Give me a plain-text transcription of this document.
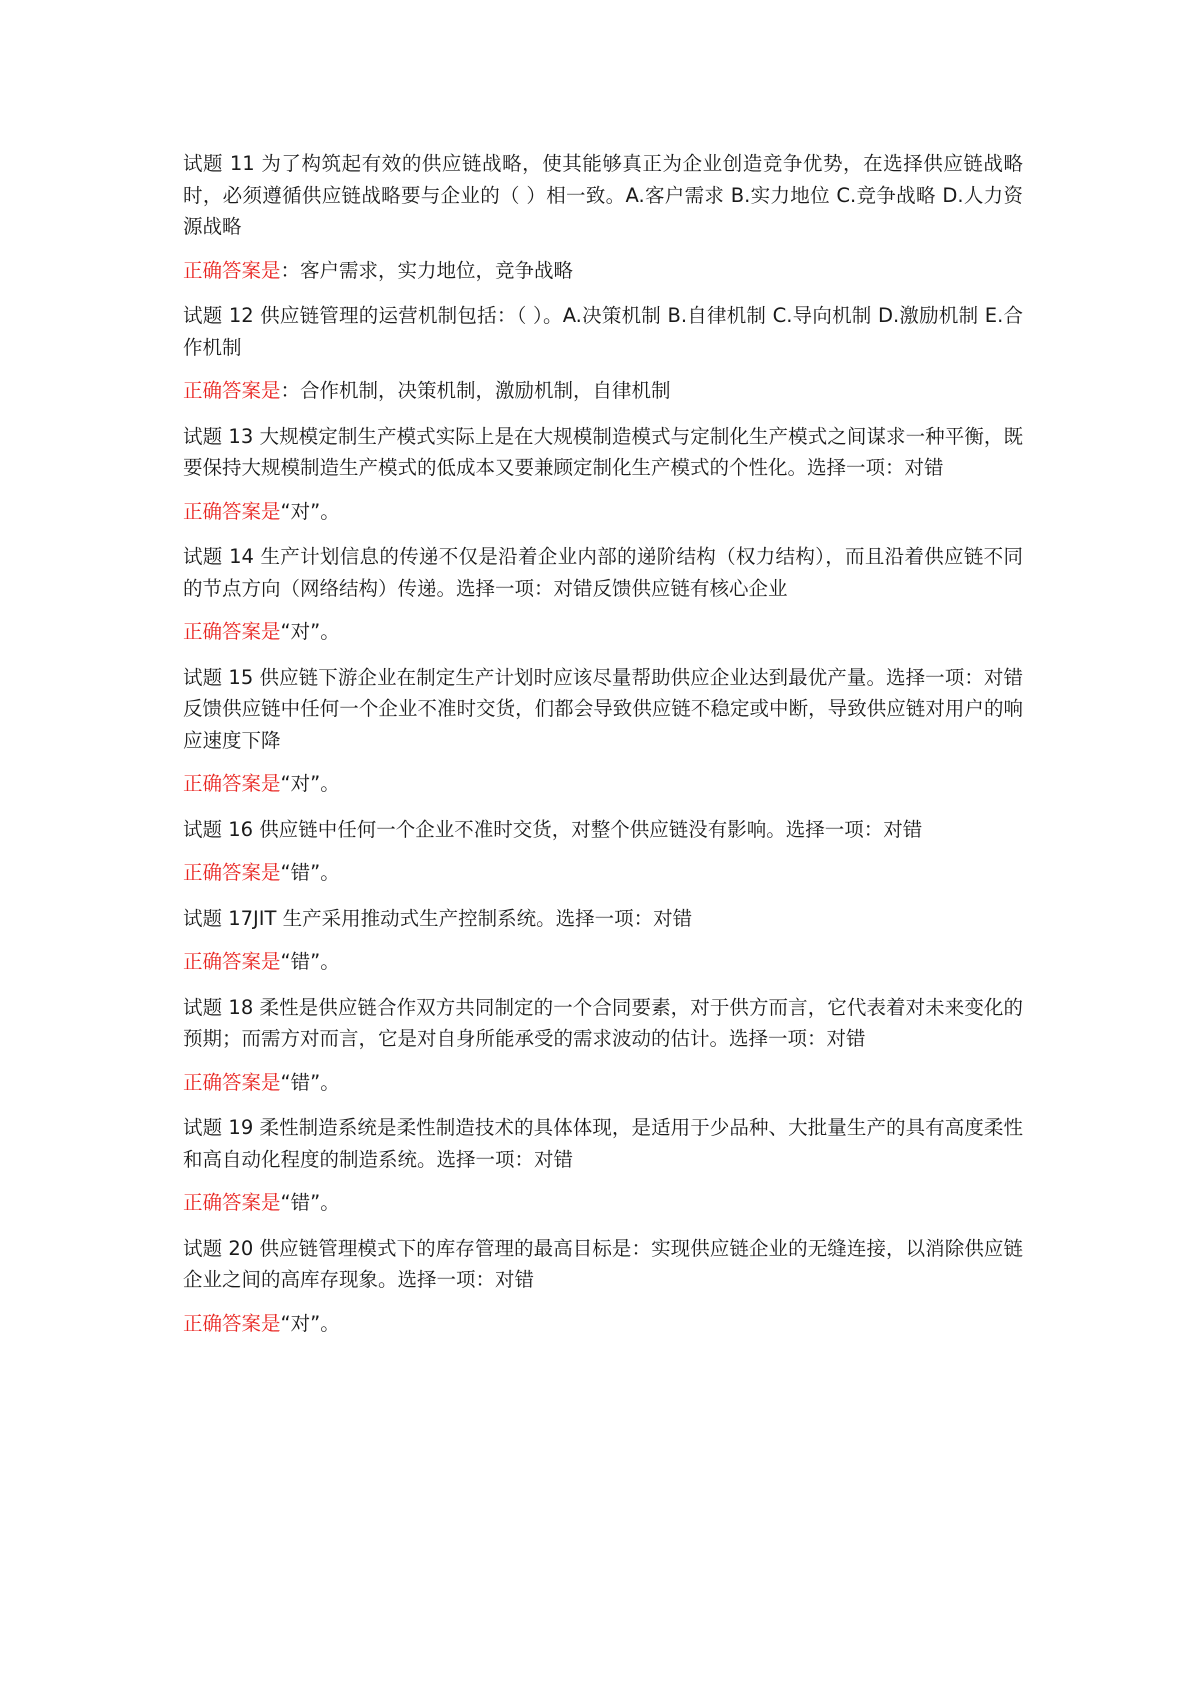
试题 11 为了构筑起有效的供应链战略，使其能够真正为企业创造竞争优势，在选择供应链战略时，必须遵循供应链战略要与企业的（ ）相一致。A.客户需求 B.实力地位 C.竞争战略 D.人力资源战略

正确答案是：客户需求，实力地位，竞争战略

试题 12 供应链管理的运营机制包括：（ ）。A.决策机制 B.自律机制 C.导向机制 D.激励机制 E.合作机制

正确答案是：合作机制，决策机制，激励机制，自律机制

试题 13 大规模定制生产模式实际上是在大规模制造模式与定制化生产模式之间谋求一种平衡，既要保持大规模制造生产模式的低成本又要兼顾定制化生产模式的个性化。选择一项：对错

正确答案是“对”。

试题 14 生产计划信息的传递不仅是沿着企业内部的递阶结构（权力结构），而且沿着供应链不同的节点方向（网络结构）传递。选择一项：对错反馈供应链有核心企业

正确答案是“对”。

试题 15 供应链下游企业在制定生产计划时应该尽量帮助供应企业达到最优产量。选择一项：对错反馈供应链中任何一个企业不准时交货，们都会导致供应链不稳定或中断，导致供应链对用户的响应速度下降

正确答案是“对”。

试题 16 供应链中任何一个企业不准时交货，对整个供应链没有影响。选择一项：对错

正确答案是“错”。

试题 17JIT 生产采用推动式生产控制系统。选择一项：对错

正确答案是“错”。

试题 18 柔性是供应链合作双方共同制定的一个合同要素，对于供方而言，它代表着对未来变化的预期；而需方对而言，它是对自身所能承受的需求波动的估计。选择一项：对错

正确答案是“错”。

试题 19 柔性制造系统是柔性制造技术的具体体现，是适用于少品种、大批量生产的具有高度柔性和高自动化程度的制造系统。选择一项：对错

正确答案是“错”。

试题 20 供应链管理模式下的库存管理的最高目标是：实现供应链企业的无缝连接，以消除供应链企业之间的高库存现象。选择一项：对错

正确答案是“对”。
